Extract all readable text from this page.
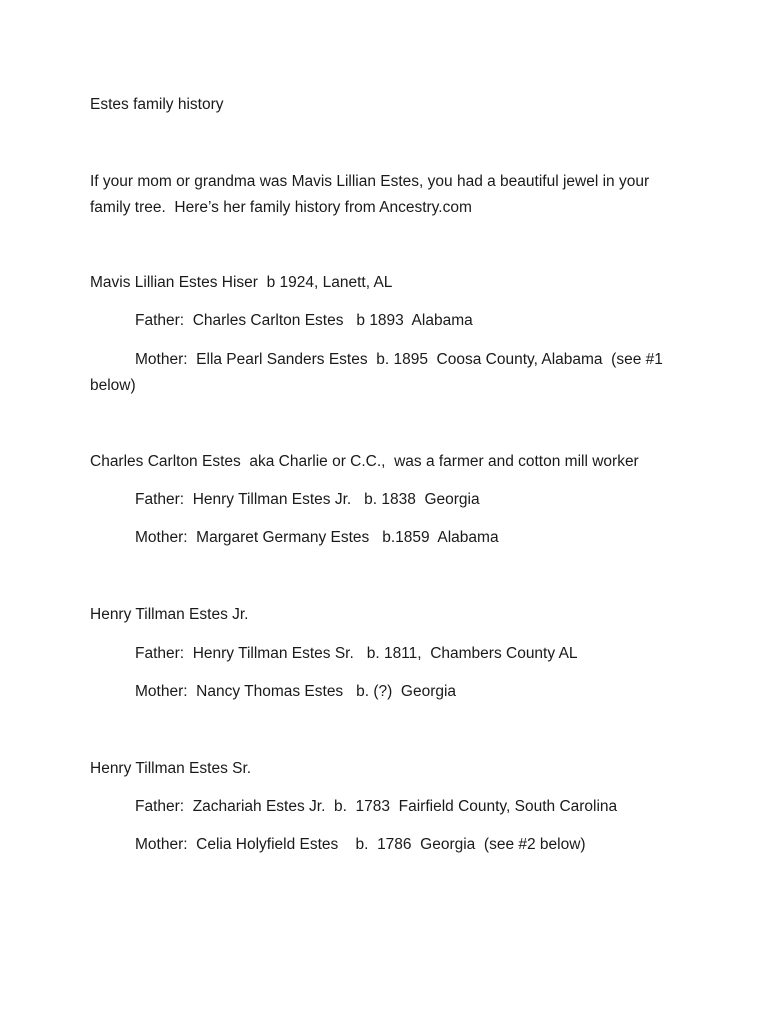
Estes family history
If your mom or grandma was Mavis Lillian Estes, you had a beautiful jewel in your family tree.  Here’s her family history from Ancestry.com
Mavis Lillian Estes Hiser  b 1924, Lanett, AL
Father:  Charles Carlton Estes   b 1893  Alabama
Mother:  Ella Pearl Sanders Estes  b. 1895  Coosa County, Alabama  (see #1 below)
Charles Carlton Estes  aka Charlie or C.C.,  was a farmer and cotton mill worker
Father:  Henry Tillman Estes Jr.   b. 1838  Georgia
Mother:  Margaret Germany Estes   b.1859  Alabama
Henry Tillman Estes Jr.
Father:  Henry Tillman Estes Sr.   b. 1811,  Chambers County AL
Mother:  Nancy Thomas Estes   b. (?)  Georgia
Henry Tillman Estes Sr.
Father:  Zachariah Estes Jr.  b.  1783  Fairfield County, South Carolina
Mother:  Celia Holyfield Estes    b.  1786  Georgia  (see #2 below)
